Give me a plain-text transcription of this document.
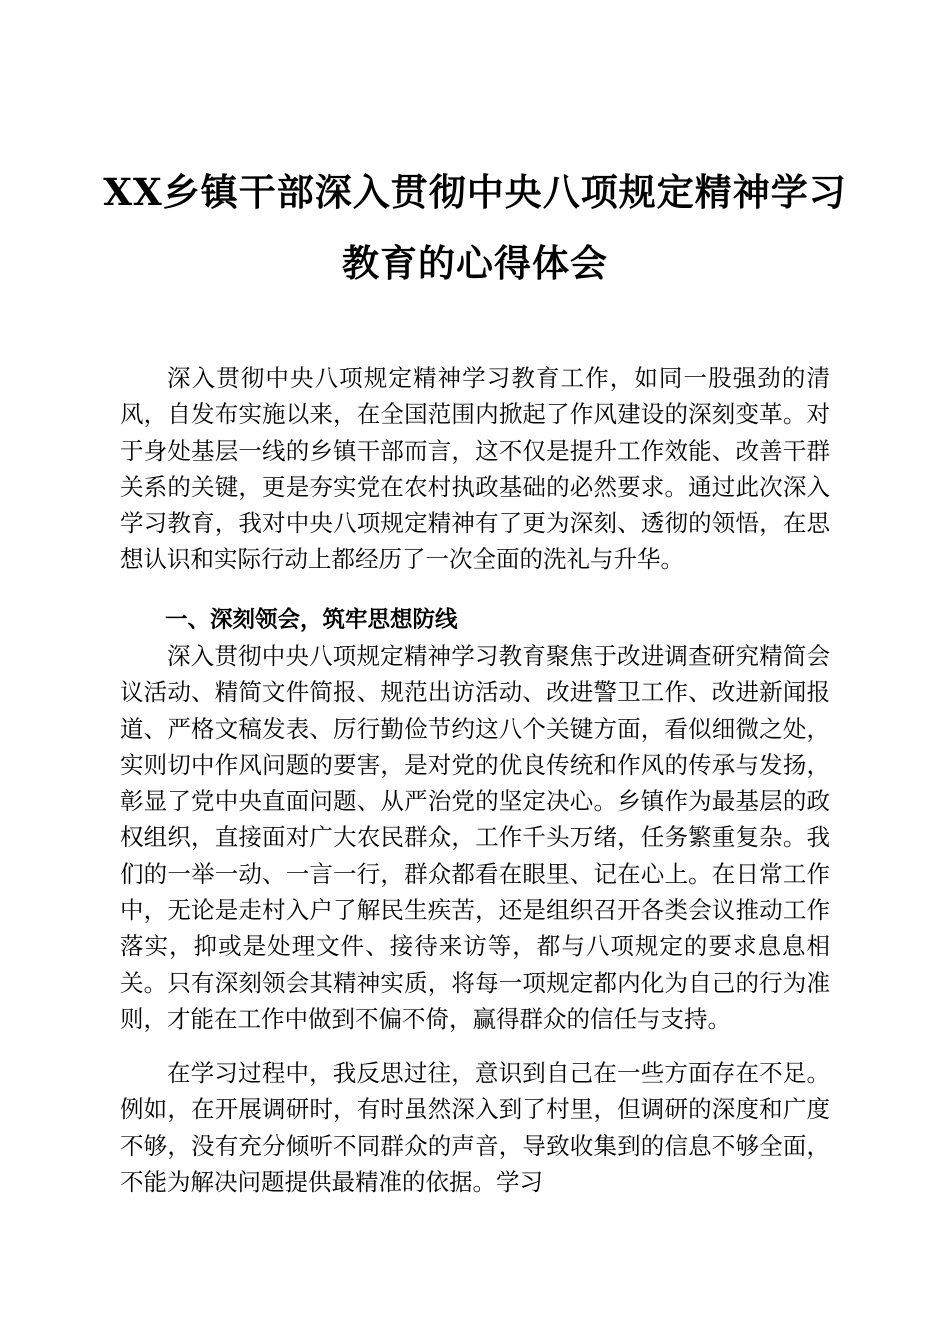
XX乡镇干部深入贯彻中央八项规定精神学习
教育的心得体会

深入贯彻中央八项规定精神学习教育工作，如同一股强劲的清风，自发布实施以来，在全国范围内掀起了作风建设的深刻变革。对于身处基层一线的乡镇干部而言，这不仅是提升工作效能、改善干群关系的关键，更是夯实党在农村执政基础的必然要求。通过此次深入学习教育，我对中央八项规定精神有了更为深刻、透彻的领悟，在思想认识和实际行动上都经历了一次全面的洗礼与升华。

一、深刻领会，筑牢思想防线

深入贯彻中央八项规定精神学习教育聚焦于改进调查研究精简会议活动、精简文件简报、规范出访活动、改进警卫工作、改进新闻报道、严格文稿发表、厉行勤俭节约这八个关键方面，看似细微之处，实则切中作风问题的要害，是对党的优良传统和作风的传承与发扬，彰显了党中央直面问题、从严治党的坚定决心。乡镇作为最基层的政权组织，直接面对广大农民群众，工作千头万绪，任务繁重复杂。我们的一举一动、一言一行，群众都看在眼里、记在心上。在日常工作中，无论是走村入户了解民生疾苦，还是组织召开各类会议推动工作落实，抑或是处理文件、接待来访等，都与八项规定的要求息息相关。只有深刻领会其精神实质，将每一项规定都内化为自己的行为准则，才能在工作中做到不偏不倚，赢得群众的信任与支持。

在学习过程中，我反思过往，意识到自己在一些方面存在不足。例如，在开展调研时，有时虽然深入到了村里，但调研的深度和广度不够，没有充分倾听不同群众的声音，导致收集到的信息不够全面，不能为解决问题提供最精准的依据。学习
